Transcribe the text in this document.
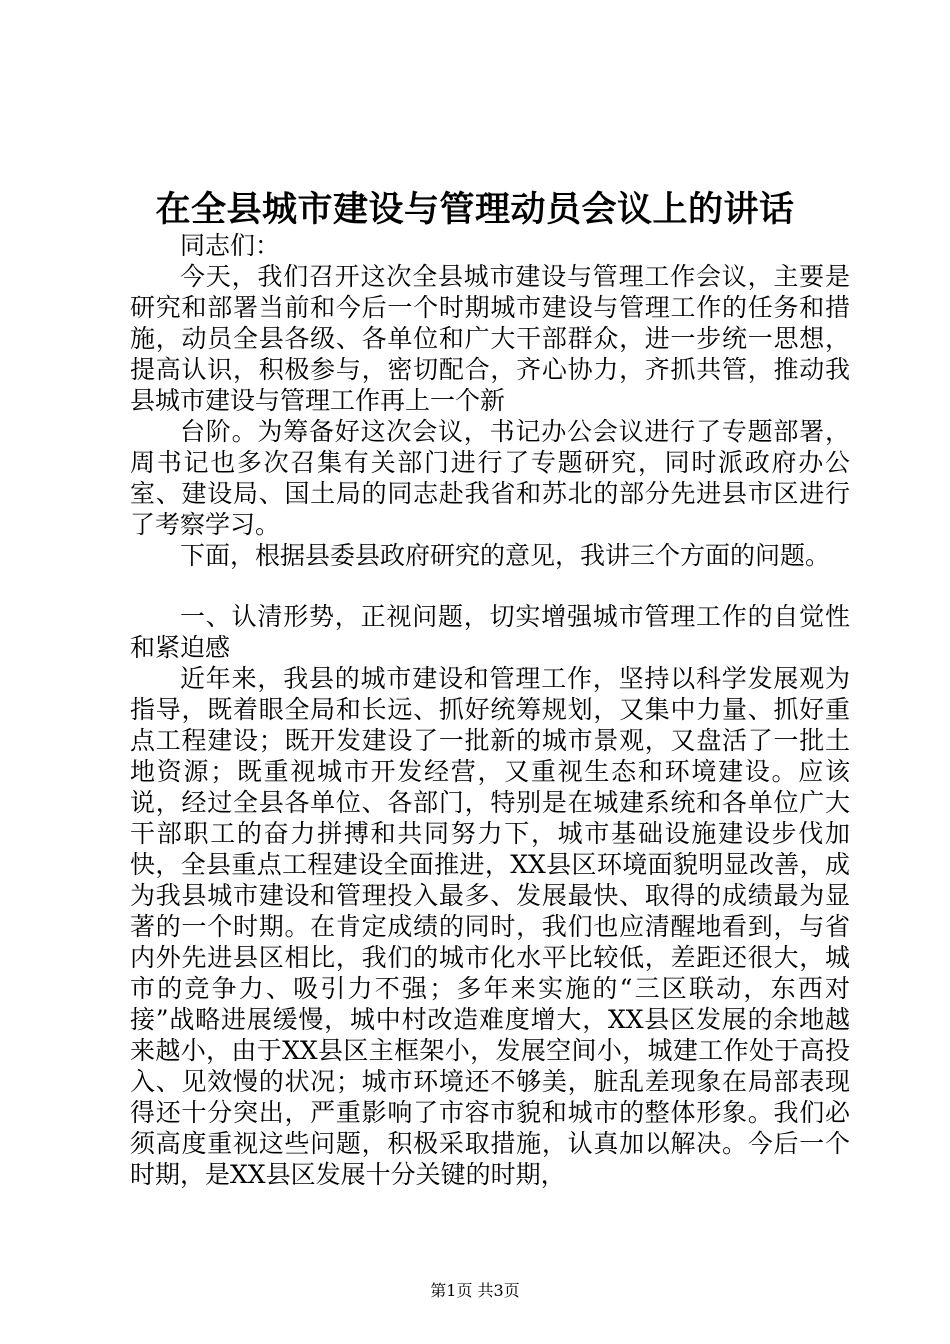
在全县城市建设与管理动员会议上的讲话

同志们：

今天，我们召开这次全县城市建设与管理工作会议，主要是研究和部署当前和今后一个时期城市建设与管理工作的任务和措施，动员全县各级、各单位和广大干部群众，进一步统一思想，提高认识，积极参与，密切配合，齐心协力，齐抓共管，推动我县城市建设与管理工作再上一个新

台阶。为筹备好这次会议，书记办公会议进行了专题部署，周书记也多次召集有关部门进行了专题研究，同时派政府办公室、建设局、国土局的同志赴我省和苏北的部分先进县市区进行了考察学习。

下面，根据县委县政府研究的意见，我讲三个方面的问题。

一、认清形势，正视问题，切实增强城市管理工作的自觉性和紧迫感

近年来，我县的城市建设和管理工作，坚持以科学发展观为指导，既着眼全局和长远、抓好统筹规划，又集中力量、抓好重点工程建设；既开发建设了一批新的城市景观，又盘活了一批土地资源；既重视城市开发经营，又重视生态和环境建设。应该说，经过全县各单位、各部门，特别是在城建系统和各单位广大干部职工的奋力拼搏和共同努力下，城市基础设施建设步伐加快，全县重点工程建设全面推进，XX县区环境面貌明显改善，成为我县城市建设和管理投入最多、发展最快、取得的成绩最为显著的一个时期。在肯定成绩的同时，我们也应清醒地看到，与省内外先进县区相比，我们的城市化水平比较低，差距还很大，城市的竞争力、吸引力不强；多年来实施的“三区联动，东西对接”战略进展缓慢，城中村改造难度增大，XX县区发展的余地越来越小，由于XX县区主框架小，发展空间小，城建工作处于高投入、见效慢的状况；城市环境还不够美，脏乱差现象在局部表现得还十分突出，严重影响了市容市貌和城市的整体形象。我们必须高度重视这些问题，积极采取措施，认真加以解决。今后一个时期，是XX县区发展十分关键的时期，

第1页 共3页
